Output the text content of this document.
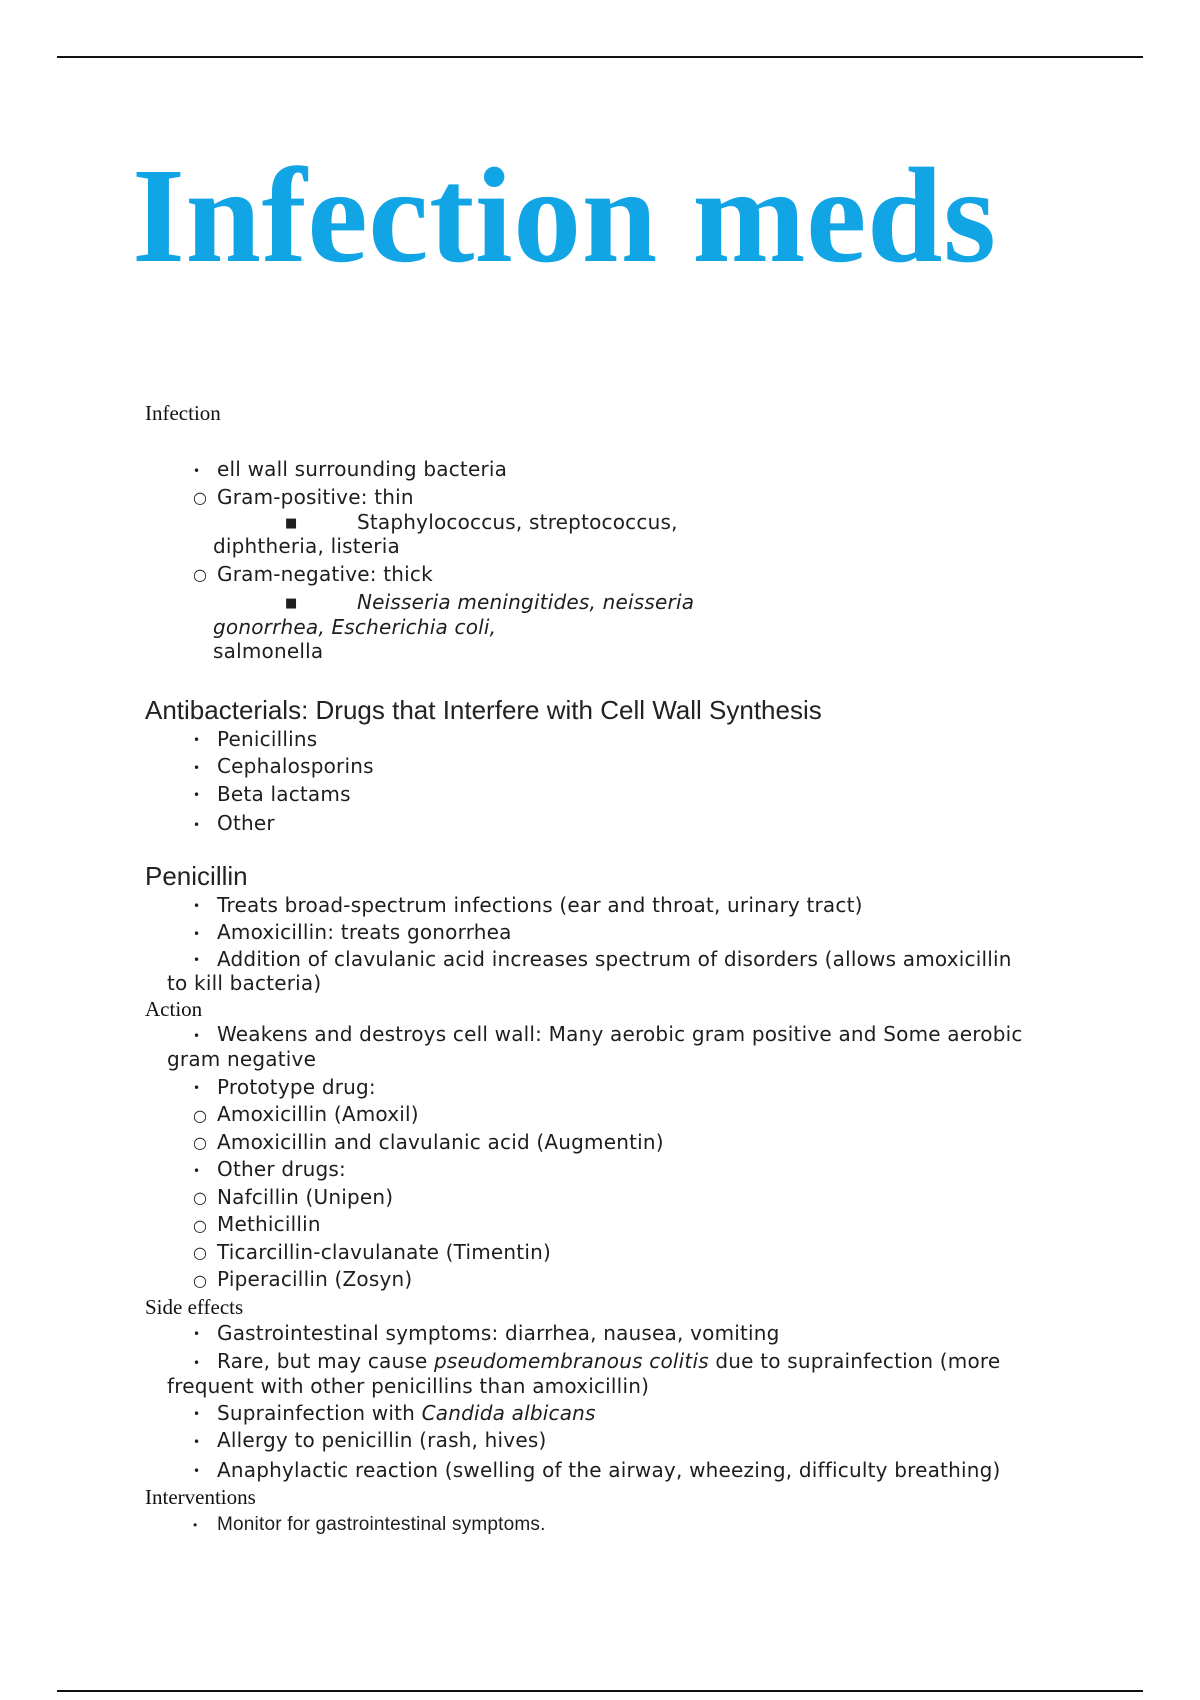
Infection meds

Infection

• ell wall surrounding bacteria
○ Gram-positive: thin
■	Staphylococcus, streptococcus,
diphtheria, listeria
○ Gram-negative: thick
■	Neisseria meningitides, neisseria
gonorrhea, Escherichia coli,
salmonella

Antibacterials: Drugs that Interfere with Cell Wall Synthesis

• Penicillins
• Cephalosporins
• Beta lactams
• Other

Penicillin

• Treats broad-spectrum infections (ear and throat, urinary tract)
• Amoxicillin: treats gonorrhea
• Addition of clavulanic acid increases spectrum of disorders (allows amoxicillin
to kill bacteria)

Action

• Weakens and destroys cell wall: Many aerobic gram positive and Some aerobic
gram negative
• Prototype drug:
○ Amoxicillin (Amoxil)
○ Amoxicillin and clavulanic acid (Augmentin)
• Other drugs:
○ Nafcillin (Unipen)
○ Methicillin
○ Ticarcillin-clavulanate (Timentin)
○ Piperacillin (Zosyn)

Side effects

• Gastrointestinal symptoms: diarrhea, nausea, vomiting
• Rare, but may cause pseudomembranous colitis due to suprainfection (more
frequent with other penicillins than amoxicillin)
• Suprainfection with Candida albicans
• Allergy to penicillin (rash, hives)
• Anaphylactic reaction (swelling of the airway, wheezing, difficulty breathing)

Interventions

• Monitor for gastrointestinal symptoms.
